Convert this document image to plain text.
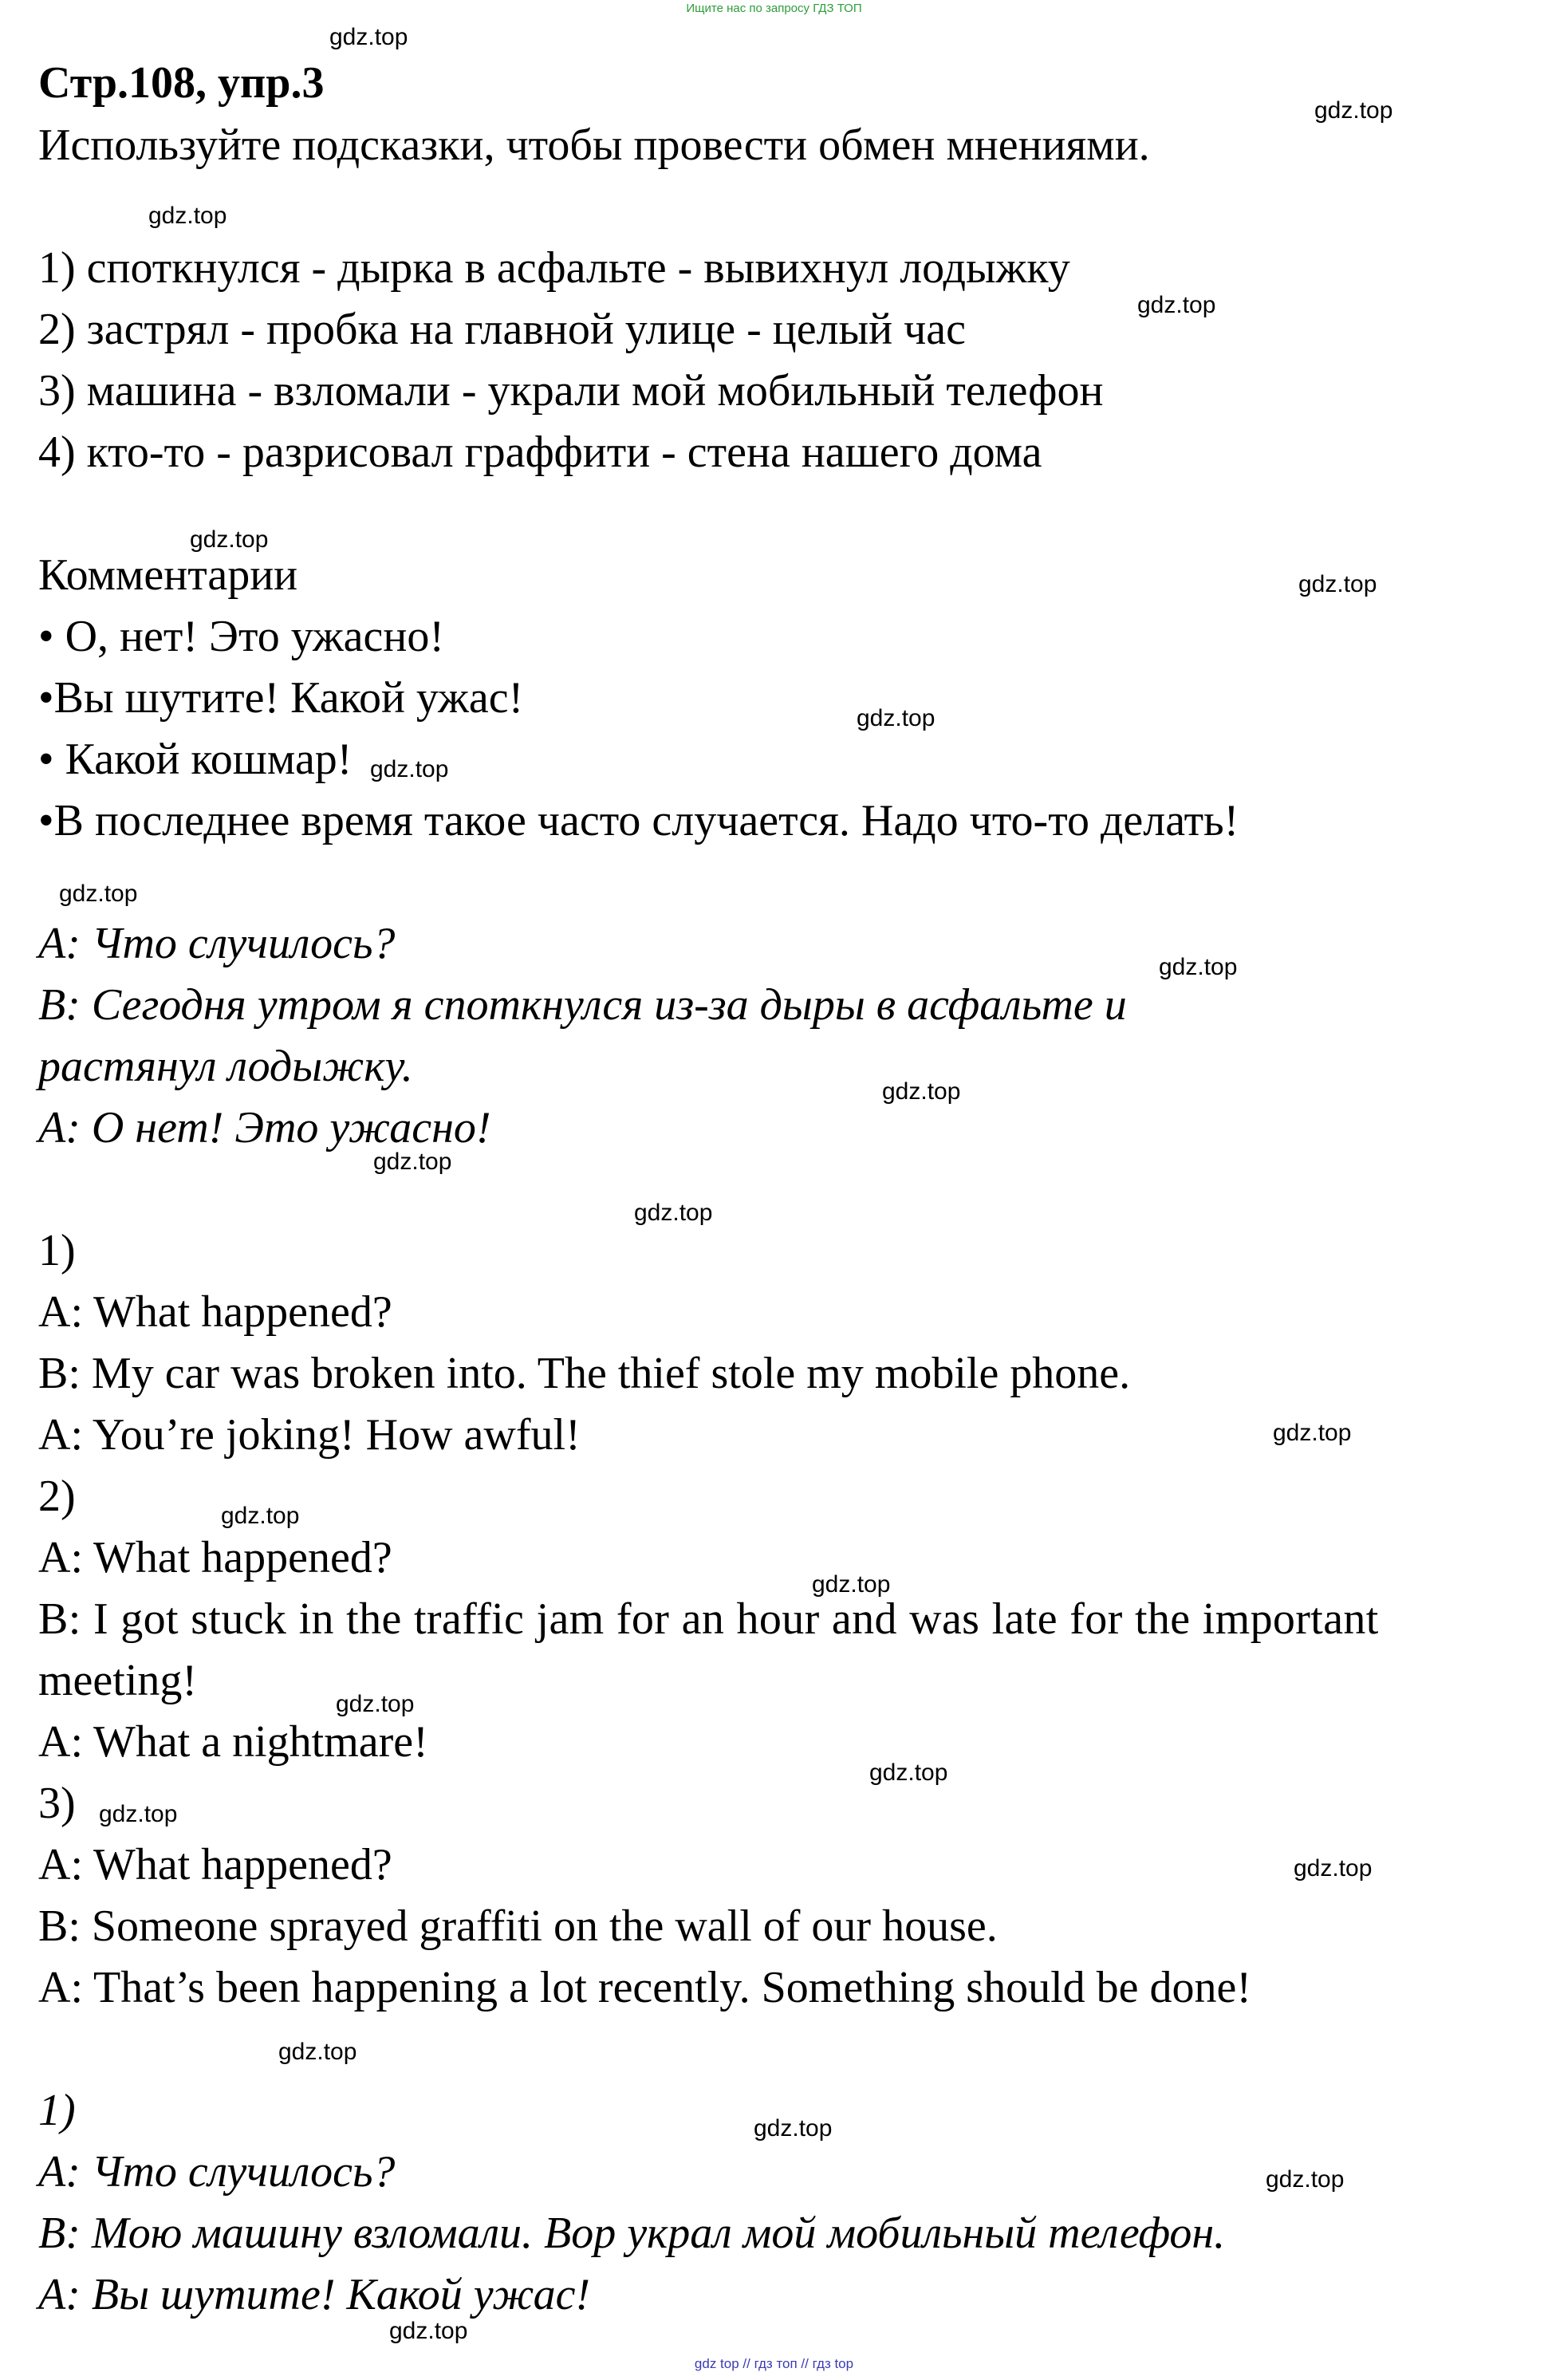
Ищите нас по запросу ГДЗ ТОП
Стр.108, упр.3
Используйте подсказки, чтобы провести обмен мнениями.
1) споткнулся - дырка в асфальте - вывихнул лодыжку
2) застрял - пробка на главной улице - целый час
3) машина - взломали - украли мой мобильный телефон
4) кто-то - разрисовал граффити - стена нашего дома
Комментарии
• О, нет! Это ужасно!
•Вы шутите! Какой ужас!
• Какой кошмар!
•В последнее время такое часто случается. Надо что-то делать!
A: Что случилось?
B: Сегодня утром я споткнулся из-за дыры в асфальте и
растянул лодыжку.
A: О нет! Это ужасно!
1)
A: What happened?
B: My car was broken into. The thief stole my mobile phone.
A: You’re joking! How awful!
2)
A: What happened?
B: I got stuck in the traffic jam for an hour and was late for the important
meeting!
A: What a nightmare!
3)
A: What happened?
B: Someone sprayed graffiti on the wall of our house.
A: That’s been happening a lot recently. Something should be done!
1)
A: Что случилось?
B: Мою машину взломали. Вор украл мой мобильный телефон.
A: Вы шутите! Какой ужас!
gdz.top
gdz.top
gdz.top
gdz.top
gdz.top
gdz.top
gdz.top
gdz.top
gdz.top
gdz.top
gdz.top
gdz.top
gdz.top
gdz.top
gdz.top
gdz.top
gdz.top
gdz.top
gdz.top
gdz.top
gdz.top
gdz.top
gdz.top
gdz.top
gdz top // гдз топ // гдз top
